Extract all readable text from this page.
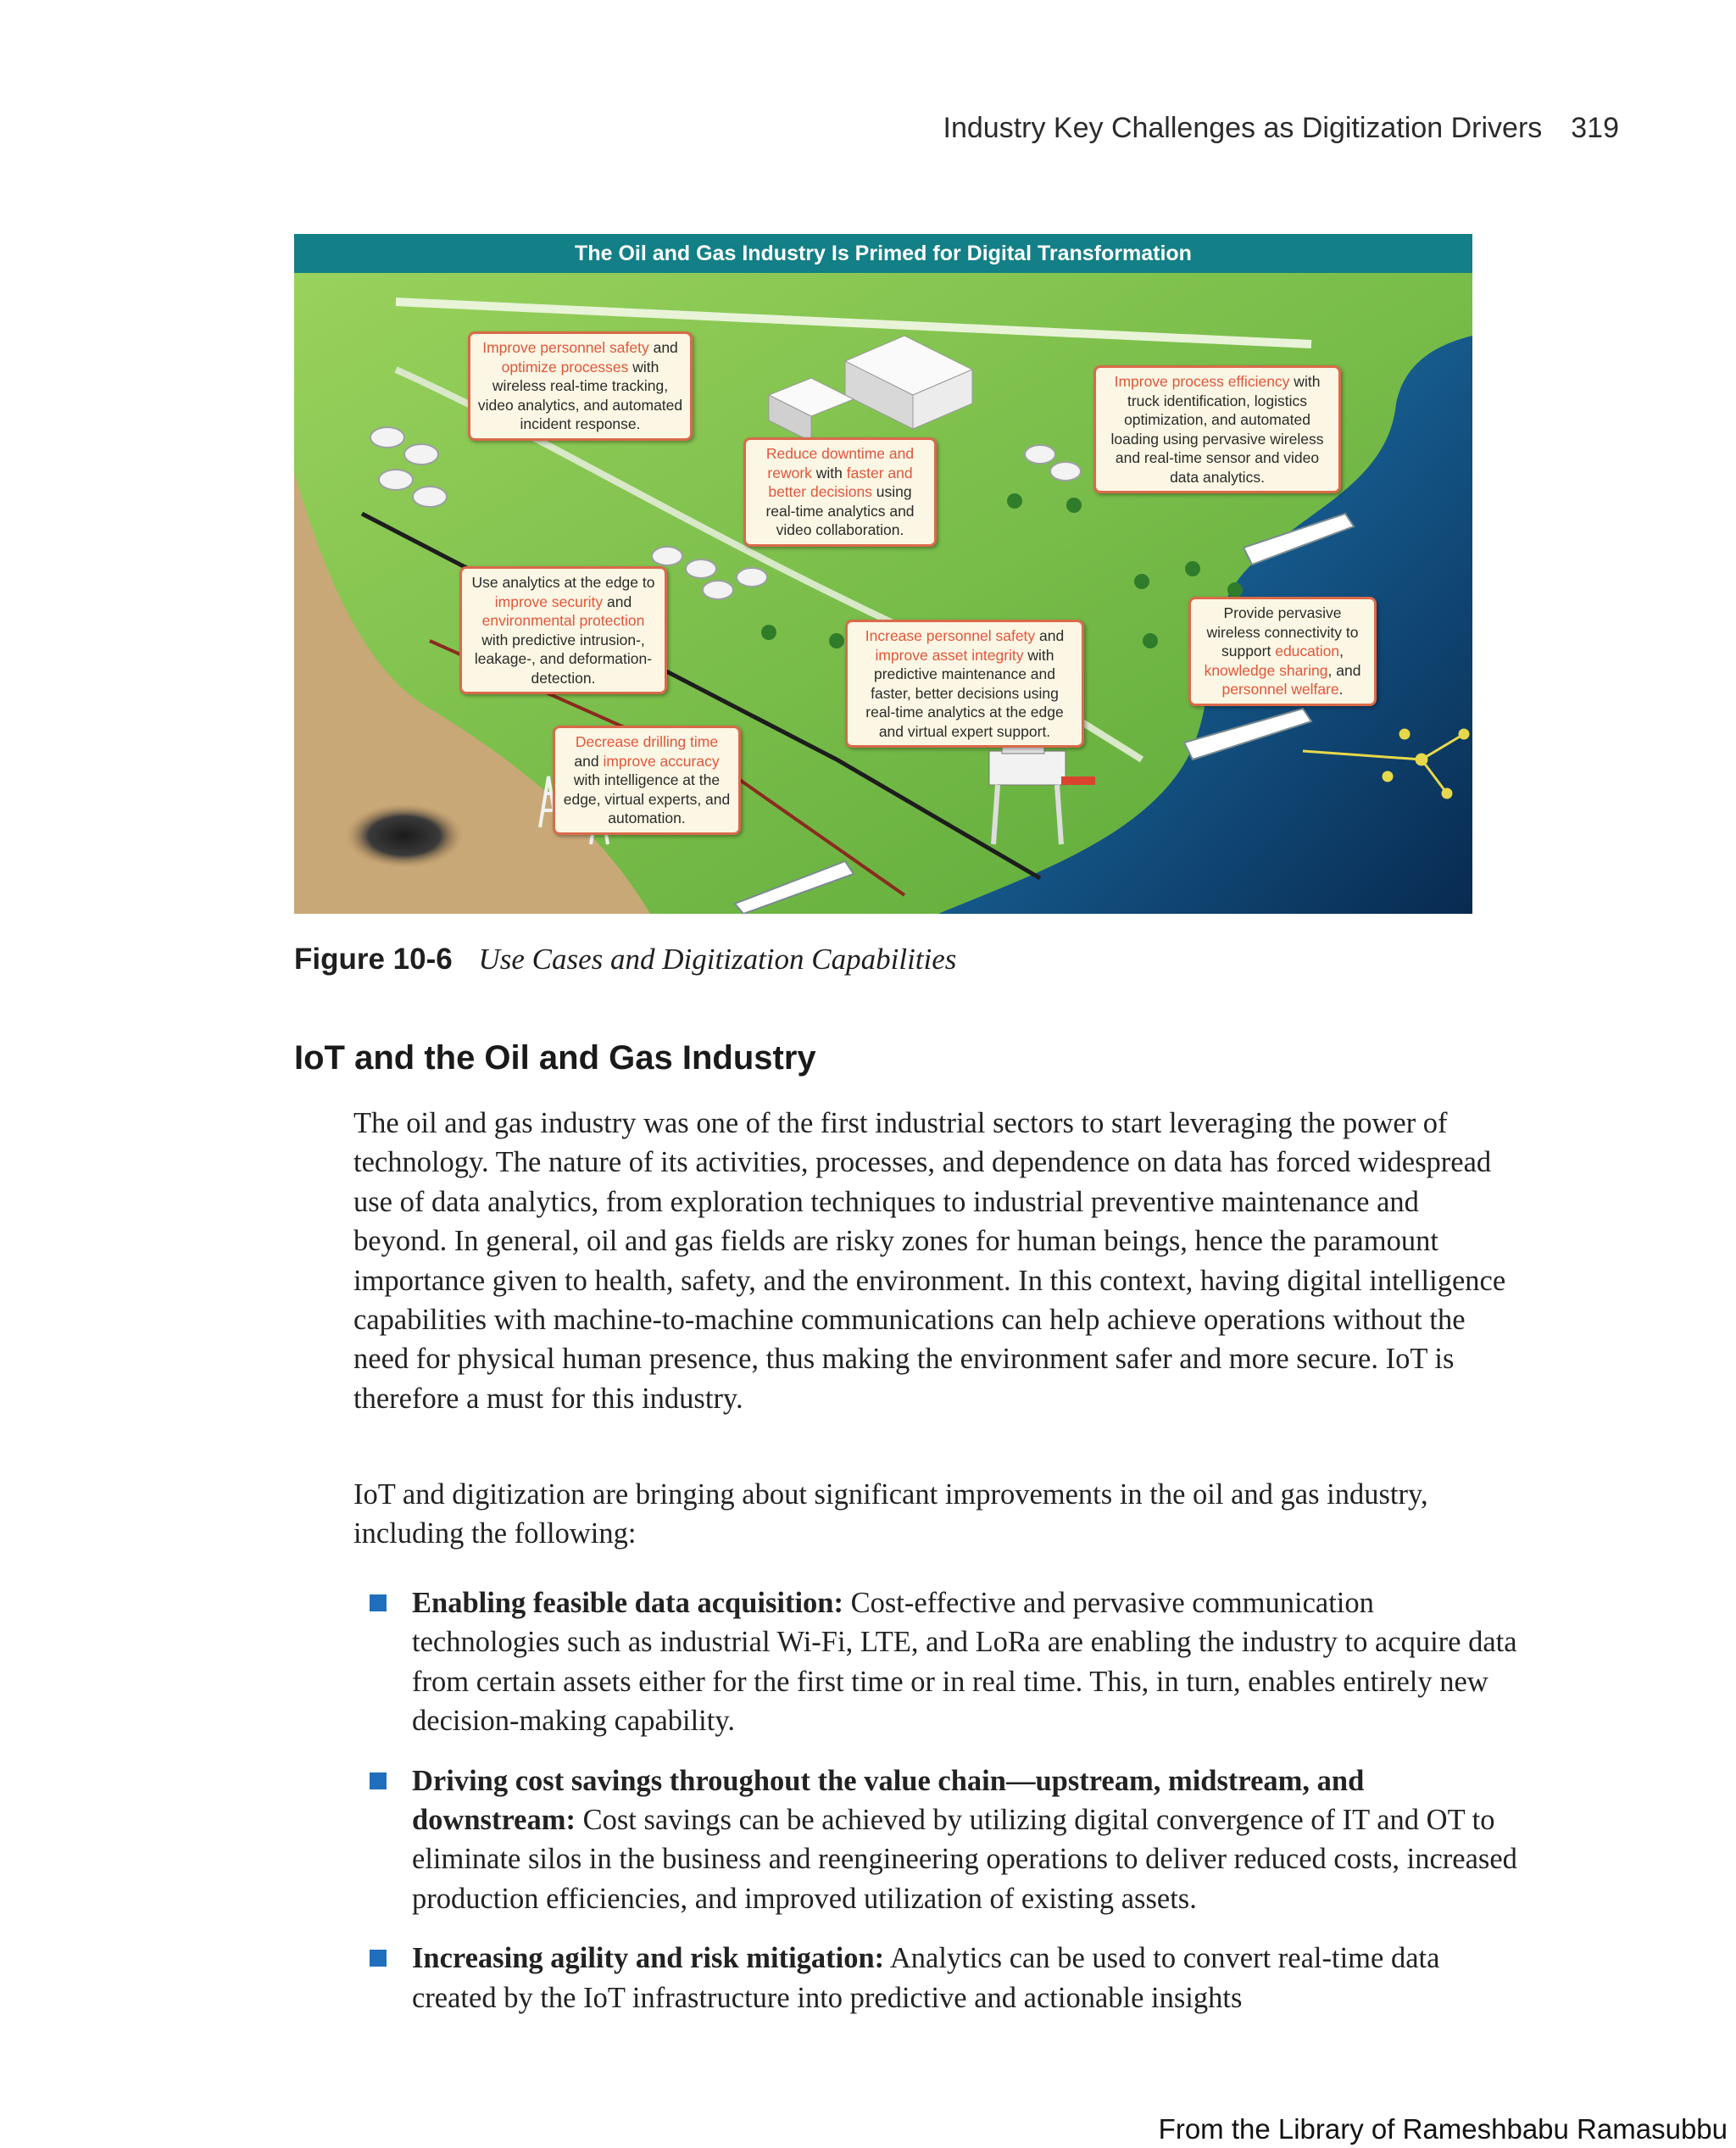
Industry Key Challenges as Digitization Drivers 319
The Oil and Gas Industry Is Primed for Digital Transformation
Improve personnel safety and optimize processes with wireless real-time tracking, video analytics, and automated incident response.
Reduce downtime and rework with faster and better decisions using real-time analytics and video collaboration.
Improve process efficiency with truck identification, logistics optimization, and automated loading using pervasive wireless and real-time sensor and video data analytics.
Use analytics at the edge to improve security and environmental protection with predictive intrusion-, leakage-, and deformation-detection.
Increase personnel safety and improve asset integrity with predictive maintenance and faster, better decisions using real-time analytics at the edge and virtual expert support.
Provide pervasive wireless connectivity to support education, knowledge sharing, and personnel welfare.
Decrease drilling time and improve accuracy with intelligence at the edge, virtual experts, and automation.
Figure 10-6 Use Cases and Digitization Capabilities
IoT and the Oil and Gas Industry

The oil and gas industry was one of the first industrial sectors to start leveraging the power of technology. The nature of its activities, processes, and dependence on data has forced widespread use of data analytics, from exploration techniques to industrial preventive maintenance and beyond. In general, oil and gas fields are risky zones for human beings, hence the paramount importance given to health, safety, and the environment. In this context, having digital intelligence capabilities with machine-to-machine communications can help achieve operations without the need for physical human presence, thus making the environment safer and more secure. IoT is therefore a must for this industry.

IoT and digitization are bringing about significant improvements in the oil and gas industry, including the following:

Enabling feasible data acquisition: Cost-effective and pervasive communication technologies such as industrial Wi-Fi, LTE, and LoRa are enabling the industry to acquire data from certain assets either for the first time or in real time. This, in turn, enables entirely new decision-making capability.
Driving cost savings throughout the value chain—upstream, midstream, and downstream: Cost savings can be achieved by utilizing digital convergence of IT and OT to eliminate silos in the business and reengineering operations to deliver reduced costs, increased production efficiencies, and improved utilization of existing assets.
Increasing agility and risk mitigation: Analytics can be used to convert real-time data created by the IoT infrastructure into predictive and actionable insights
From the Library of Rameshbabu Ramasubbu
